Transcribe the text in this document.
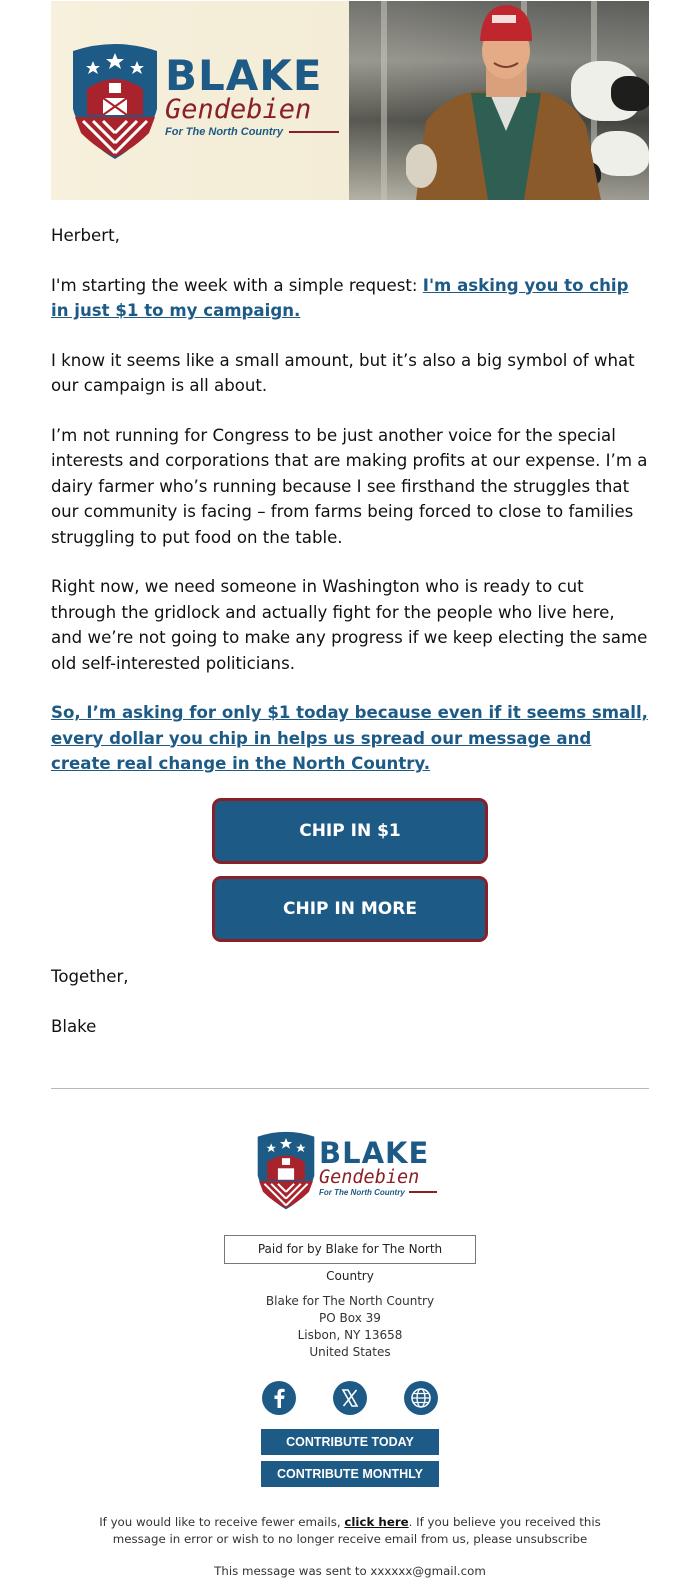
BLAKE
Gendebien
For The North Country

Herbert,

I'm starting the week with a simple request: I'm asking you to chip in just $1 to my campaign.

I know it seems like a small amount, but it’s also a big symbol of what our campaign is all about.

I’m not running for Congress to be just another voice for the special interests and corporations that are making profits at our expense. I’m a dairy farmer who’s running because I see firsthand the struggles that our community is facing – from farms being forced to close to families struggling to put food on the table.

Right now, we need someone in Washington who is ready to cut through the gridlock and actually fight for the people who live here, and we’re not going to make any progress if we keep electing the same old self-interested politicians.

So, I’m asking for only $1 today because even if it seems small, every dollar you chip in helps us spread our message and create real change in the North Country.

CHIP IN $1
CHIP IN MORE

Together,

Blake

BLAKE
Gendebien
For The North Country
Paid for by Blake for The North Country
Blake for The North Country
PO Box 39
Lisbon, NY 13658
United States

CONTRIBUTE TODAY
CONTRIBUTE MONTHLY
If you would like to receive fewer emails, click here. If you believe you received this message in error or wish to no longer receive email from us, please unsubscribe
This message was sent to xxxxxx@gmail.com
